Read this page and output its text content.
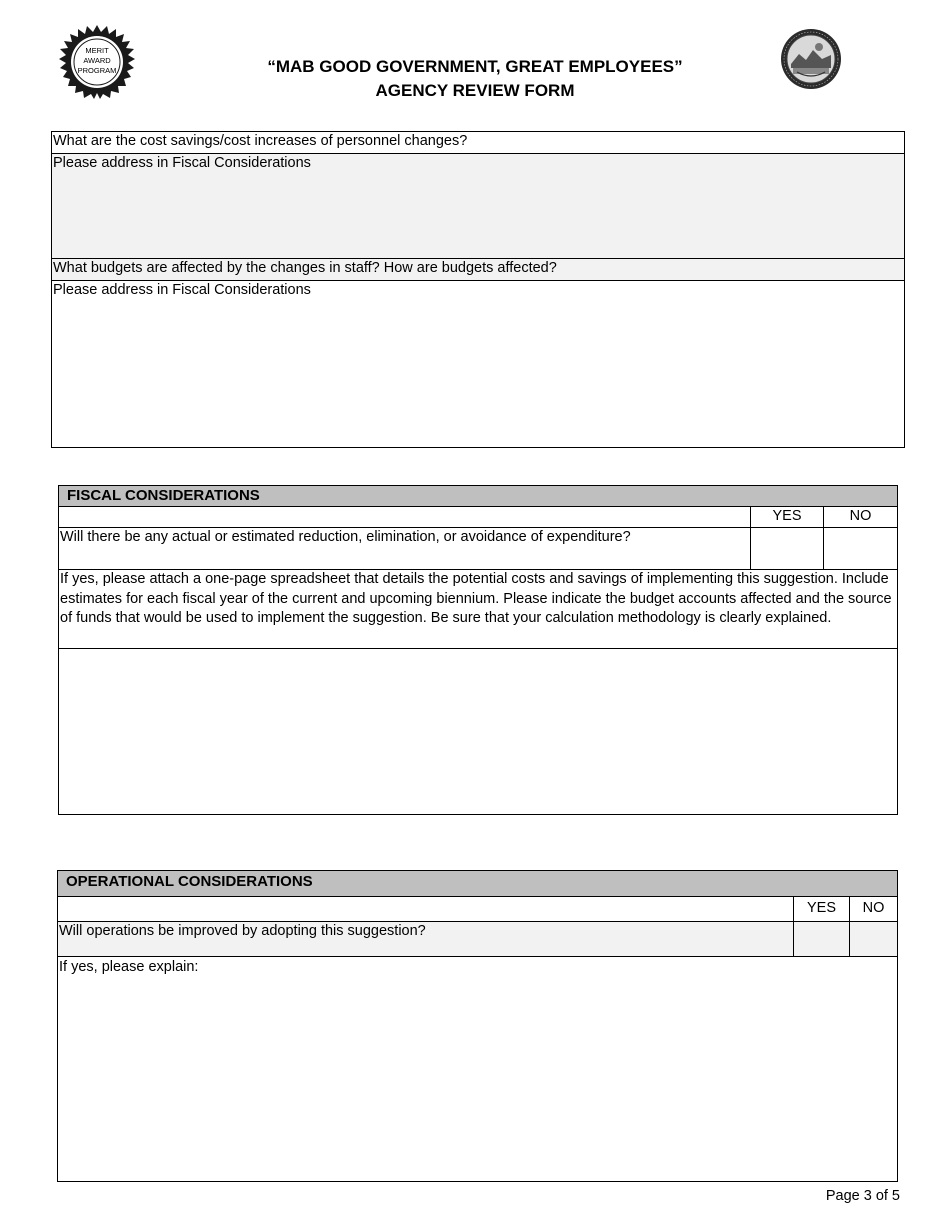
MERIT
AWARD
PROGRAM	“MAB GOOD GOVERNMENT, GREAT EMPLOYEES”
AGENCY REVIEW FORM
What are the cost savings/cost increases of personnel changes?
Please address in Fiscal Considerations
What budgets are affected by the changes in staff? How are budgets affected?
Please address in Fiscal Considerations
FISCAL CONSIDERATIONS
YES	NO
Will there be any actual or estimated reduction, elimination, or avoidance of expenditure?
If yes, please attach a one-page spreadsheet that details the potential costs and savings of implementing this suggestion. Include estimates for each fiscal year of the current and upcoming biennium. Please indicate the budget accounts affected and the source of funds that would be used to implement the suggestion. Be sure that your calculation methodology is clearly explained.
OPERATIONAL CONSIDERATIONS
YES	NO
Will operations be improved by adopting this suggestion?
If yes, please explain:
Page 3 of 5
